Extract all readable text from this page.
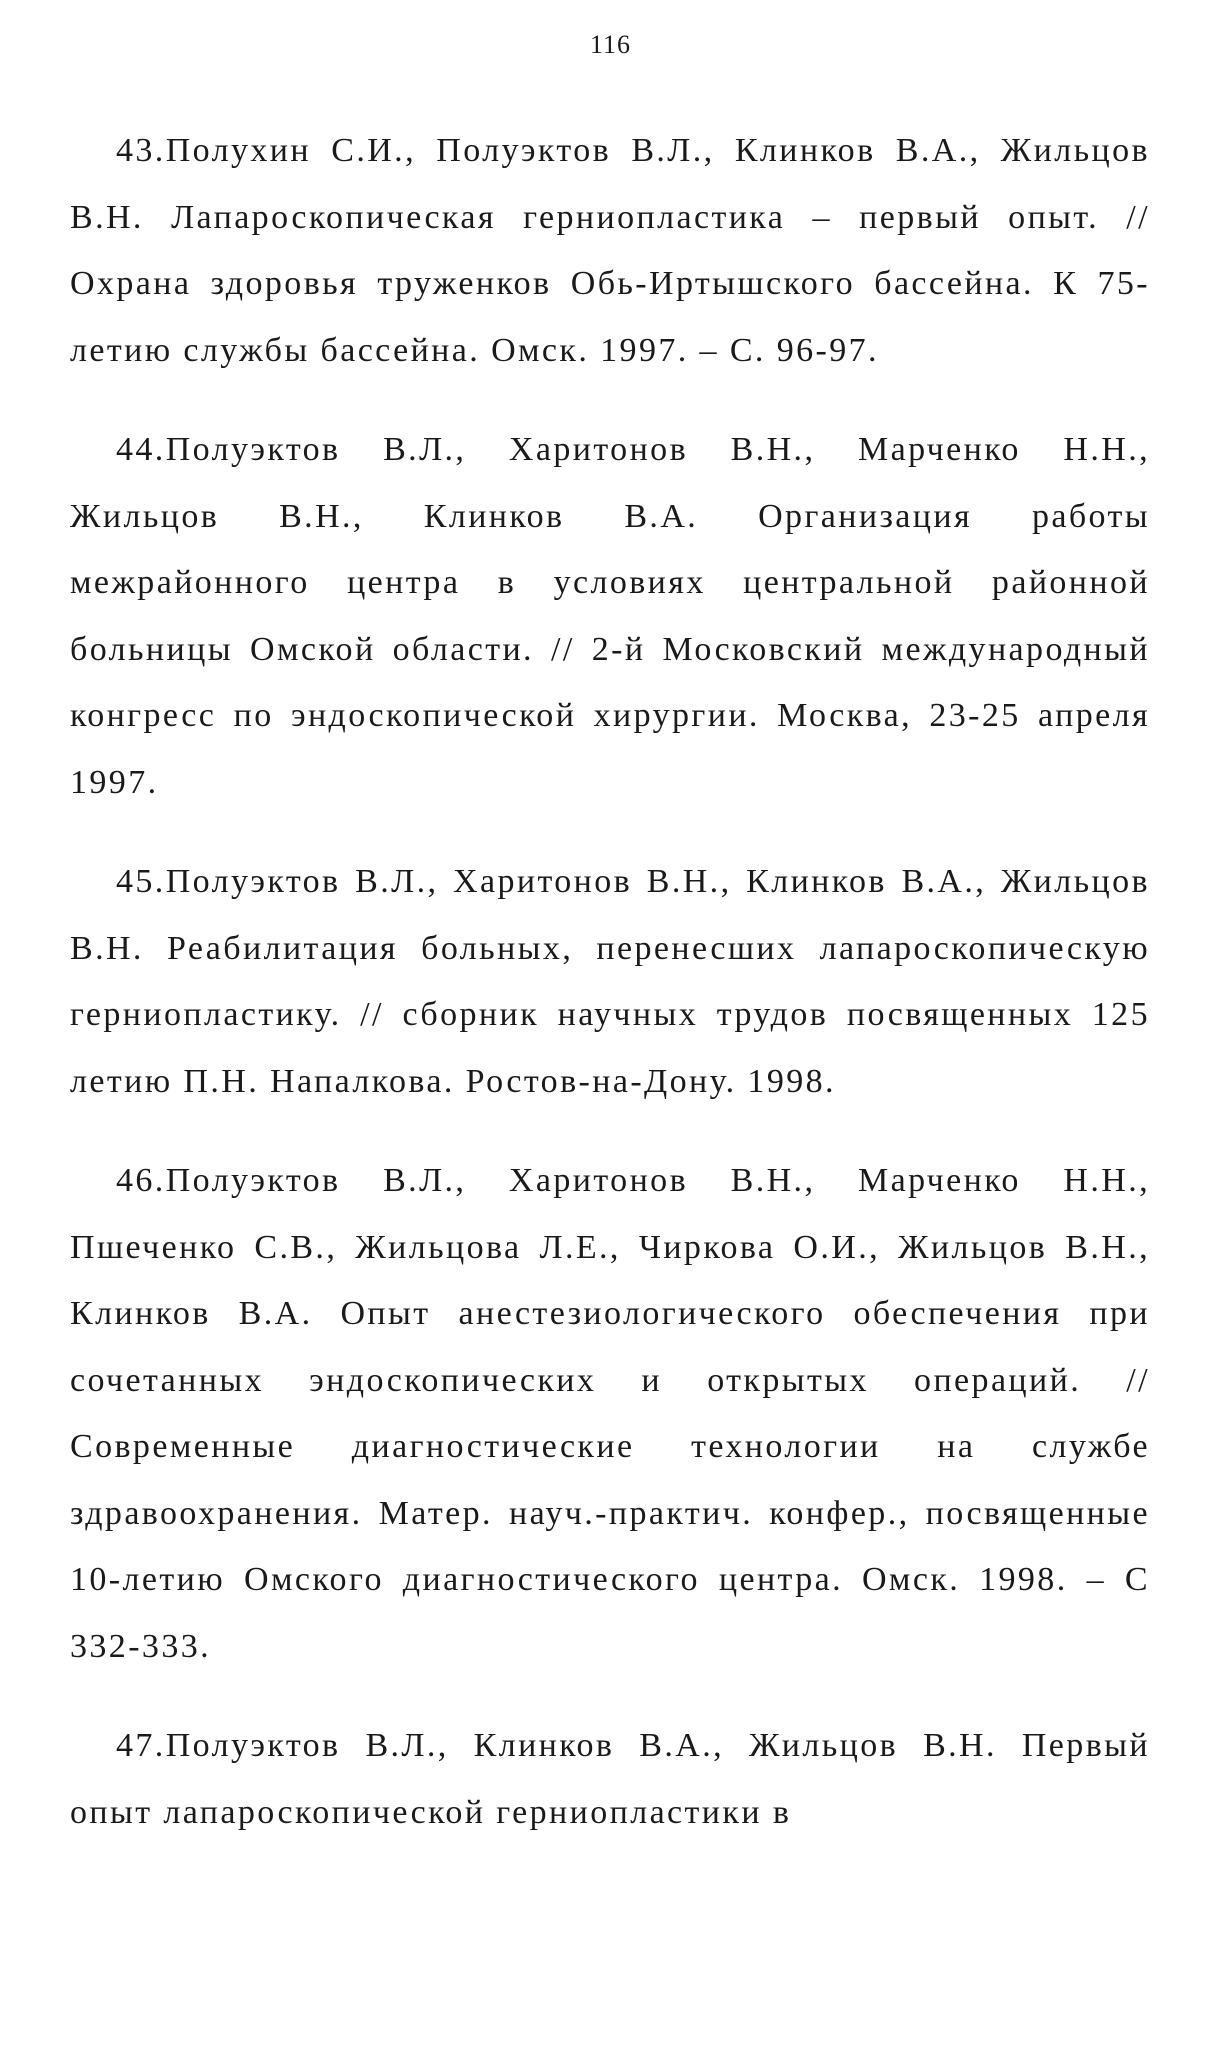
116

43.Полухин С.И., Полуэктов В.Л., Клинков В.А., Жильцов В.Н. Лапароскопическая герниопластика – первый опыт. // Охрана здоровья труженков Обь-Иртышского бассейна. К 75-летию службы бассейна. Омск. 1997. – С. 96-97.

44.Полуэктов В.Л., Харитонов В.Н., Марченко Н.Н., Жильцов В.Н., Клинков В.А. Организация работы межрайонного центра в условиях центральной районной больницы Омской области. // 2-й Московский международный конгресс по эндоскопической хирургии. Москва, 23-25 апреля 1997.

45.Полуэктов В.Л., Харитонов В.Н., Клинков В.А., Жильцов В.Н. Реабилитация больных, перенесших лапароскопическую герниопластику. // сборник научных трудов посвященных 125 летию П.Н. Напалкова. Ростов-на-Дону. 1998.

46.Полуэктов В.Л., Харитонов В.Н., Марченко Н.Н., Пшеченко С.В., Жильцова Л.Е., Чиркова О.И., Жильцов В.Н., Клинков В.А. Опыт анестезиологического обеспечения при сочетанных эндоскопических и открытых операций. // Современные диагностические технологии на службе здравоохранения. Матер. науч.-практич. конфер., посвященные 10-летию Омского диагностического центра. Омск. 1998. – С 332-333.

47.Полуэктов В.Л., Клинков В.А., Жильцов В.Н. Первый опыт лапароскопической герниопластики в
